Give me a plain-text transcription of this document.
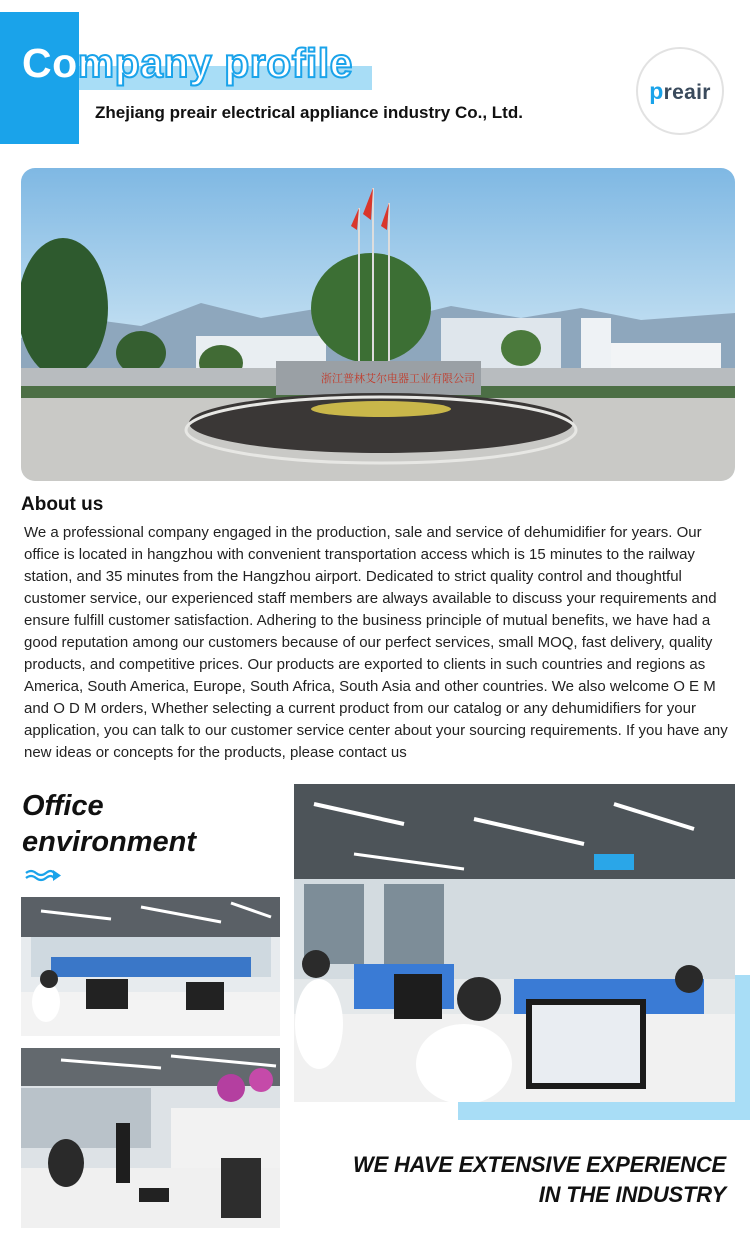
Company profile
Zhejiang preair electrical appliance industry Co., Ltd.
preair
浙江普林艾尔电器工业有限公司
About us
We a professional company engaged in the production, sale and service of dehumidifier for years. Our office is located in hangzhou with convenient transportation access which is 15 minutes to the railway station, and 35 minutes from the Hangzhou airport. Dedicated to strict quality control and thoughtful customer service, our experienced staff members are always available to discuss your requirements and ensure fulfill customer satisfaction. Adhering to the business principle of mutual benefits, we have had a good reputation among our customers because of our perfect services, small MOQ, fast delivery, quality products, and competitive prices. Our products are exported to clients in such countries and regions as America, South America, Europe, South Africa, South Asia and other countries. We also welcome O E M and O D M orders, Whether selecting a current product from our catalog or any dehumidifiers for your application, you can talk to our customer service center about your sourcing requirements. If you have any new ideas or concepts for the products, please contact us
Office
environment
WE HAVE EXTENSIVE EXPERIENCE
IN THE INDUSTRY
